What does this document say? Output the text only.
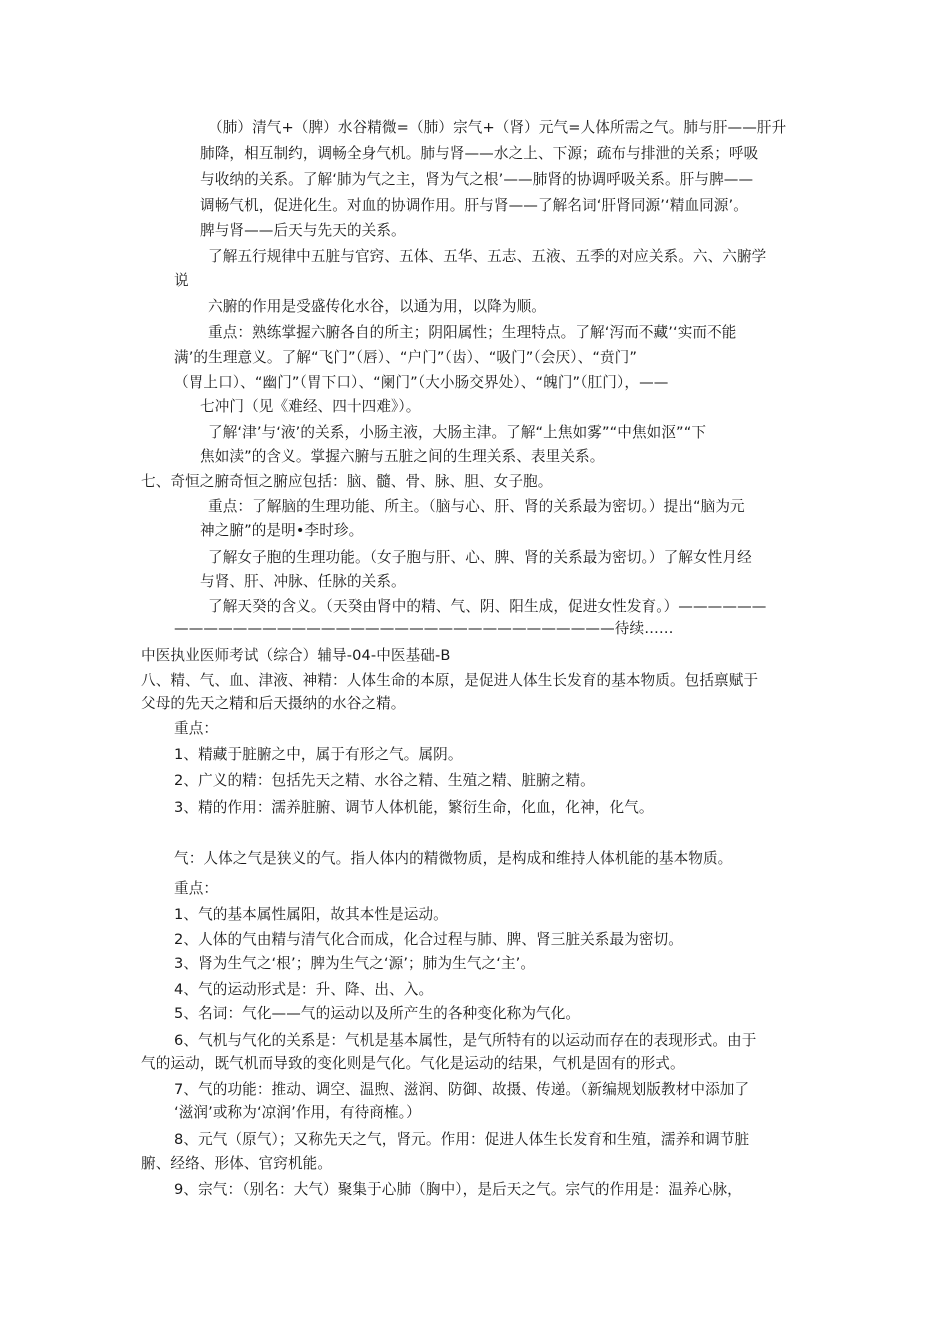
（肺）清气+（脾）水谷精微=（肺）宗气+（肾）元气=人体所需之气。肺与肝——肝升
肺降，相互制约，调畅全身气机。肺与肾——水之上、下源；疏布与排泄的关系；呼吸
与收纳的关系。了解‘肺为气之主，肾为气之根’——肺肾的协调呼吸关系。肝与脾——
调畅气机，促进化生。对血的协调作用。肝与肾——了解名词‘肝肾同源’‘精血同源’。
脾与肾——后天与先天的关系。
了解五行规律中五脏与官窍、五体、五华、五志、五液、五季的对应关系。六、六腑学
说
六腑的作用是受盛传化水谷，以通为用，以降为顺。
重点：熟练掌握六腑各自的所主；阴阳属性；生理特点。了解‘泻而不藏’‘实而不能
满’的生理意义。了解“飞门”（唇）、“户门”（齿）、“吸门”（会厌）、“贲门”
（胃上口）、“幽门”（胃下口）、“阑门”（大小肠交界处）、“魄门”（肛门），——
七冲门（见《难经、四十四难》）。
了解‘津’与‘液’的关系，小肠主液，大肠主津。了解“上焦如雾”“中焦如沤”“下
焦如渎”的含义。掌握六腑与五脏之间的生理关系、表里关系。
七、奇恒之腑奇恒之腑应包括：脑、髓、骨、脉、胆、女子胞。
重点：了解脑的生理功能、所主。（脑与心、肝、肾的关系最为密切。）提出“脑为元
神之腑”的是明•李时珍。
了解女子胞的生理功能。（女子胞与肝、心、脾、肾的关系最为密切。）了解女性月经
与肾、肝、冲脉、任脉的关系。
了解天癸的含义。（天癸由肾中的精、气、阴、阳生成，促进女性发育。）——————
——————————————————————————————待续……
中医执业医师考试（综合）辅导-04-中医基础-B
八、精、气、血、津液、神精：人体生命的本原，是促进人体生长发育的基本物质。包括禀赋于
父母的先天之精和后天摄纳的水谷之精。
重点：
1、精藏于脏腑之中，属于有形之气。属阴。
2、广义的精：包括先天之精、水谷之精、生殖之精、脏腑之精。
3、精的作用：濡养脏腑、调节人体机能，繁衍生命，化血，化神，化气。
气：人体之气是狭义的气。指人体内的精微物质，是构成和维持人体机能的基本物质。
重点：
1、气的基本属性属阳，故其本性是运动。
2、人体的气由精与清气化合而成，化合过程与肺、脾、肾三脏关系最为密切。
3、肾为生气之‘根’；脾为生气之‘源’；肺为生气之‘主’。
4、气的运动形式是：升、降、出、入。
5、名词：气化——气的运动以及所产生的各种变化称为气化。
6、气机与气化的关系是：气机是基本属性，是气所特有的以运动而存在的表现形式。由于
气的运动，既气机而导致的变化则是气化。气化是运动的结果，气机是固有的形式。
7、气的功能：推动、调空、温煦、滋润、防御、故摄、传递。（新编规划版教材中添加了
‘滋润’或称为‘凉润’作用，有待商榷。）
8、元气（原气）；又称先天之气，肾元。作用：促进人体生长发育和生殖，濡养和调节脏
腑、经络、形体、官窍机能。
9、宗气：（别名：大气）聚集于心肺（胸中），是后天之气。宗气的作用是：温养心脉，
